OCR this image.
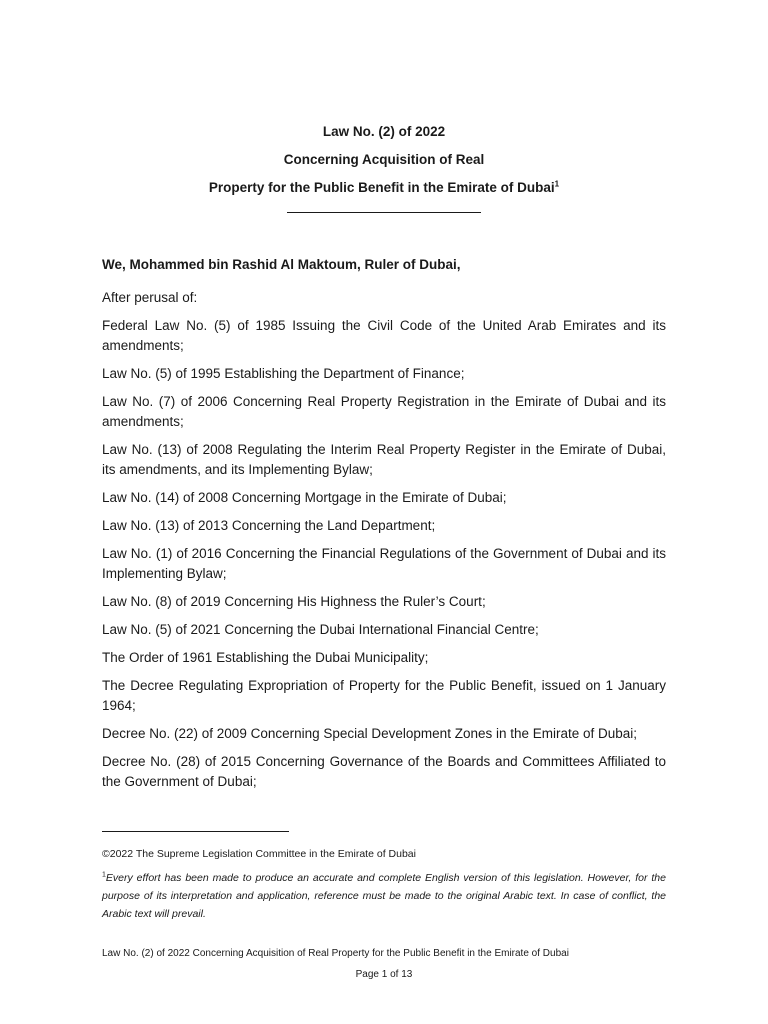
Law No. (2) of 2022
Concerning Acquisition of Real
Property for the Public Benefit in the Emirate of Dubai$^1$

We, Mohammed bin Rashid Al Maktoum, Ruler of Dubai,

After perusal of:

Federal Law No. (5) of 1985 Issuing the Civil Code of the United Arab Emirates and its amendments;

Law No. (5) of 1995 Establishing the Department of Finance;

Law No. (7) of 2006 Concerning Real Property Registration in the Emirate of Dubai and its amendments;

Law No. (13) of 2008 Regulating the Interim Real Property Register in the Emirate of Dubai, its amendments, and its Implementing Bylaw;

Law No. (14) of 2008 Concerning Mortgage in the Emirate of Dubai;

Law No. (13) of 2013 Concerning the Land Department;

Law No. (1) of 2016 Concerning the Financial Regulations of the Government of Dubai and its Implementing Bylaw;

Law No. (8) of 2019 Concerning His Highness the Ruler’s Court;

Law No. (5) of 2021 Concerning the Dubai International Financial Centre;

The Order of 1961 Establishing the Dubai Municipality;

The Decree Regulating Expropriation of Property for the Public Benefit, issued on 1 January 1964;

Decree No. (22) of 2009 Concerning Special Development Zones in the Emirate of Dubai;

Decree No. (28) of 2015 Concerning Governance of the Boards and Committees Affiliated to the Government of Dubai;

©2022 The Supreme Legislation Committee in the Emirate of Dubai
$^1$Every effort has been made to produce an accurate and complete English version of this legislation. However, for the purpose of its interpretation and application, reference must be made to the original Arabic text. In case of conflict, the Arabic text will prevail.
Law No. (2) of 2022 Concerning Acquisition of Real Property for the Public Benefit in the Emirate of Dubai
Page 1 of 13
